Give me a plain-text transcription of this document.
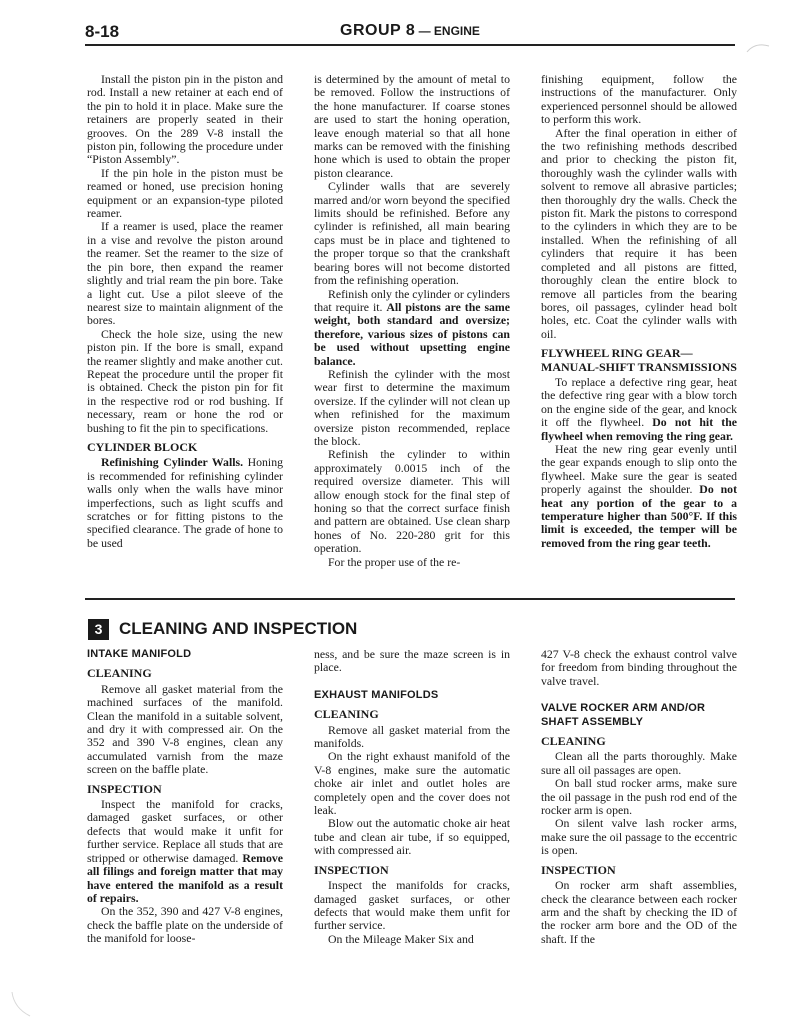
8-18	GROUP 8 — ENGINE

Install the piston pin in the piston and rod. Install a new retainer at each end of the pin to hold it in place. Make sure the retainers are properly seated in their grooves. On the 289 V-8 install the piston pin, following the procedure under “Piston Assembly”.

If the pin hole in the piston must be reamed or honed, use precision honing equipment or an expansion-type piloted reamer.

If a reamer is used, place the reamer in a vise and revolve the piston around the reamer. Set the reamer to the size of the pin bore, then expand the reamer slightly and trial ream the pin bore. Take a light cut. Use a pilot sleeve of the nearest size to maintain alignment of the bores.

Check the hole size, using the new piston pin. If the bore is small, expand the reamer slightly and make another cut. Repeat the procedure until the proper fit is obtained. Check the piston pin for fit in the respective rod or rod bushing. If necessary, ream or hone the rod or bushing to fit the pin to specifications.

CYLINDER BLOCK

Refinishing Cylinder Walls. Honing is recommended for refinishing cylinder walls only when the walls have minor imperfections, such as light scuffs and scratches or for fitting pistons to the specified clearance. The grade of hone to be used

is determined by the amount of metal to be removed. Follow the instructions of the hone manufacturer. If coarse stones are used to start the honing operation, leave enough material so that all hone marks can be removed with the finishing hone which is used to obtain the proper piston clearance.

Cylinder walls that are severely marred and/or worn beyond the specified limits should be refinished. Before any cylinder is refinished, all main bearing caps must be in place and tightened to the proper torque so that the crankshaft bearing bores will not become distorted from the refinishing operation.

Refinish only the cylinder or cylinders that require it. All pistons are the same weight, both standard and oversize; therefore, various sizes of pistons can be used without upsetting engine balance.

Refinish the cylinder with the most wear first to determine the maximum oversize. If the cylinder will not clean up when refinished for the maximum oversize piston recommended, replace the block.

Refinish the cylinder to within approximately 0.0015 inch of the required oversize diameter. This will allow enough stock for the final step of honing so that the correct surface finish and pattern are obtained. Use clean sharp hones of No. 220-280 grit for this operation.

For the proper use of the re-

finishing equipment, follow the instructions of the manufacturer. Only experienced personnel should be allowed to perform this work.

After the final operation in either of the two refinishing methods described and prior to checking the piston fit, thoroughly wash the cylinder walls with solvent to remove all abrasive particles; then thoroughly dry the walls. Check the piston fit. Mark the pistons to correspond to the cylinders in which they are to be installed. When the refinishing of all cylinders that require it has been completed and all pistons are fitted, thoroughly clean the entire block to remove all particles from the bearing bores, oil passages, cylinder head bolt holes, etc. Coat the cylinder walls with oil.

FLYWHEEL RING GEAR— MANUAL-SHIFT TRANSMISSIONS

To replace a defective ring gear, heat the defective ring gear with a blow torch on the engine side of the gear, and knock it off the flywheel. Do not hit the flywheel when removing the ring gear.

Heat the new ring gear evenly until the gear expands enough to slip onto the flywheel. Make sure the gear is seated properly against the shoulder. Do not heat any portion of the gear to a temperature higher than 500°F. If this limit is exceeded, the temper will be removed from the ring gear teeth.

3 CLEANING AND INSPECTION

INTAKE MANIFOLD

CLEANING

Remove all gasket material from the machined surfaces of the manifold. Clean the manifold in a suitable solvent, and dry it with compressed air. On the 352 and 390 V-8 engines, clean any accumulated varnish from the maze screen on the baffle plate.

INSPECTION

Inspect the manifold for cracks, damaged gasket surfaces, or other defects that would make it unfit for further service. Replace all studs that are stripped or otherwise damaged. Remove all filings and foreign matter that may have entered the manifold as a result of repairs.

On the 352, 390 and 427 V-8 engines, check the baffle plate on the underside of the manifold for loose-

ness, and be sure the maze screen is in place.

EXHAUST MANIFOLDS

CLEANING

Remove all gasket material from the manifolds.

On the right exhaust manifold of the V-8 engines, make sure the automatic choke air inlet and outlet holes are completely open and the cover does not leak.

Blow out the automatic choke air heat tube and clean air tube, if so equipped, with compressed air.

INSPECTION

Inspect the manifolds for cracks, damaged gasket surfaces, or other defects that would make them unfit for further service.

On the Mileage Maker Six and

427 V-8 check the exhaust control valve for freedom from binding throughout the valve travel.

VALVE ROCKER ARM AND/OR SHAFT ASSEMBLY

CLEANING

Clean all the parts thoroughly. Make sure all oil passages are open.

On ball stud rocker arms, make sure the oil passage in the push rod end of the rocker arm is open.

On silent valve lash rocker arms, make sure the oil passage to the eccentric is open.

INSPECTION

On rocker arm shaft assemblies, check the clearance between each rocker arm and the shaft by checking the ID of the rocker arm bore and the OD of the shaft. If the
